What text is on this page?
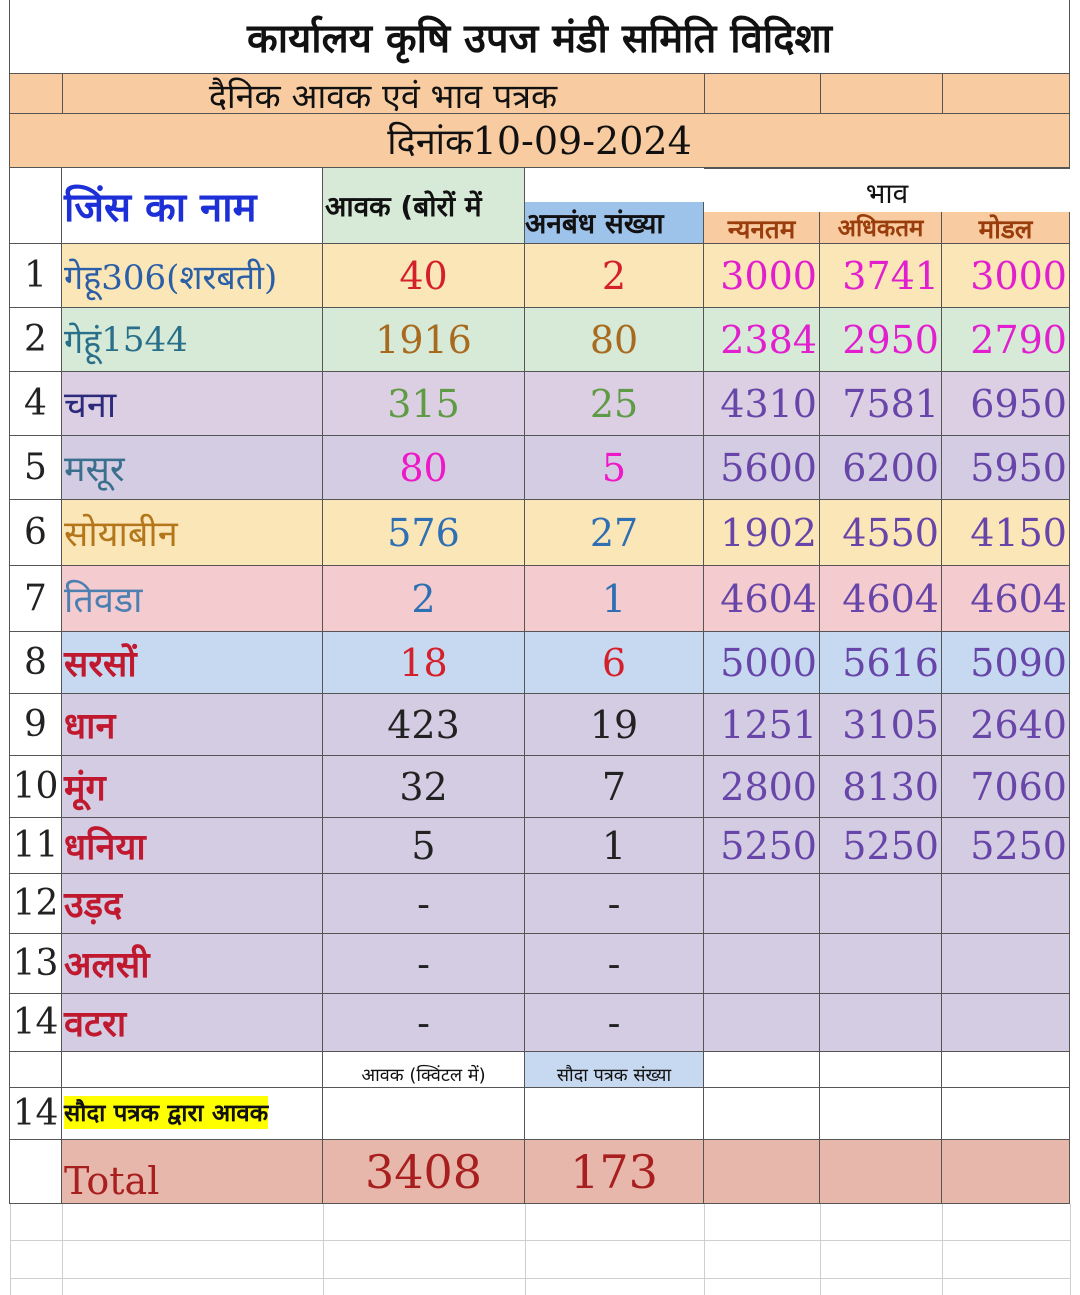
कार्यालय कृषि उपज मंडी समिति विदिशा
दैनिक आवक एवं भाव पत्रक
दिनांक 10-09-2024
जिंस का नाम	आवक (बोरों में
अनबंध संख्या
भाव
न्यनतम	अधिकतम	मोडल
1 गेहू 306(शरबती)	40	2	3000 3741 3000
2 गेहूं 1544	1916	80	2384 2950 2790
4 चना	315	25	4310 7581 6950
5 मसूर	80	5	5600 6200 5950
6 सोयाबीन	576	27	1902 4550 4150
7 तिवडा	2	1	4604 4604 4604
8 सरसों	18	6	5000 5616 5090
9 धान	423	19	1251 3105 2640
10 मूंग	32	7	2800 8130 7060
11 धनिया	5	1	5250 5250 5250
12 उड़द	-	-
13 अलसी	-	-
14 वटरा	-	-
आवक (क्विंटल में)	सौदा पत्रक संख्या
14 सौदा पत्रक द्वारा आवक
Total	3408	173
